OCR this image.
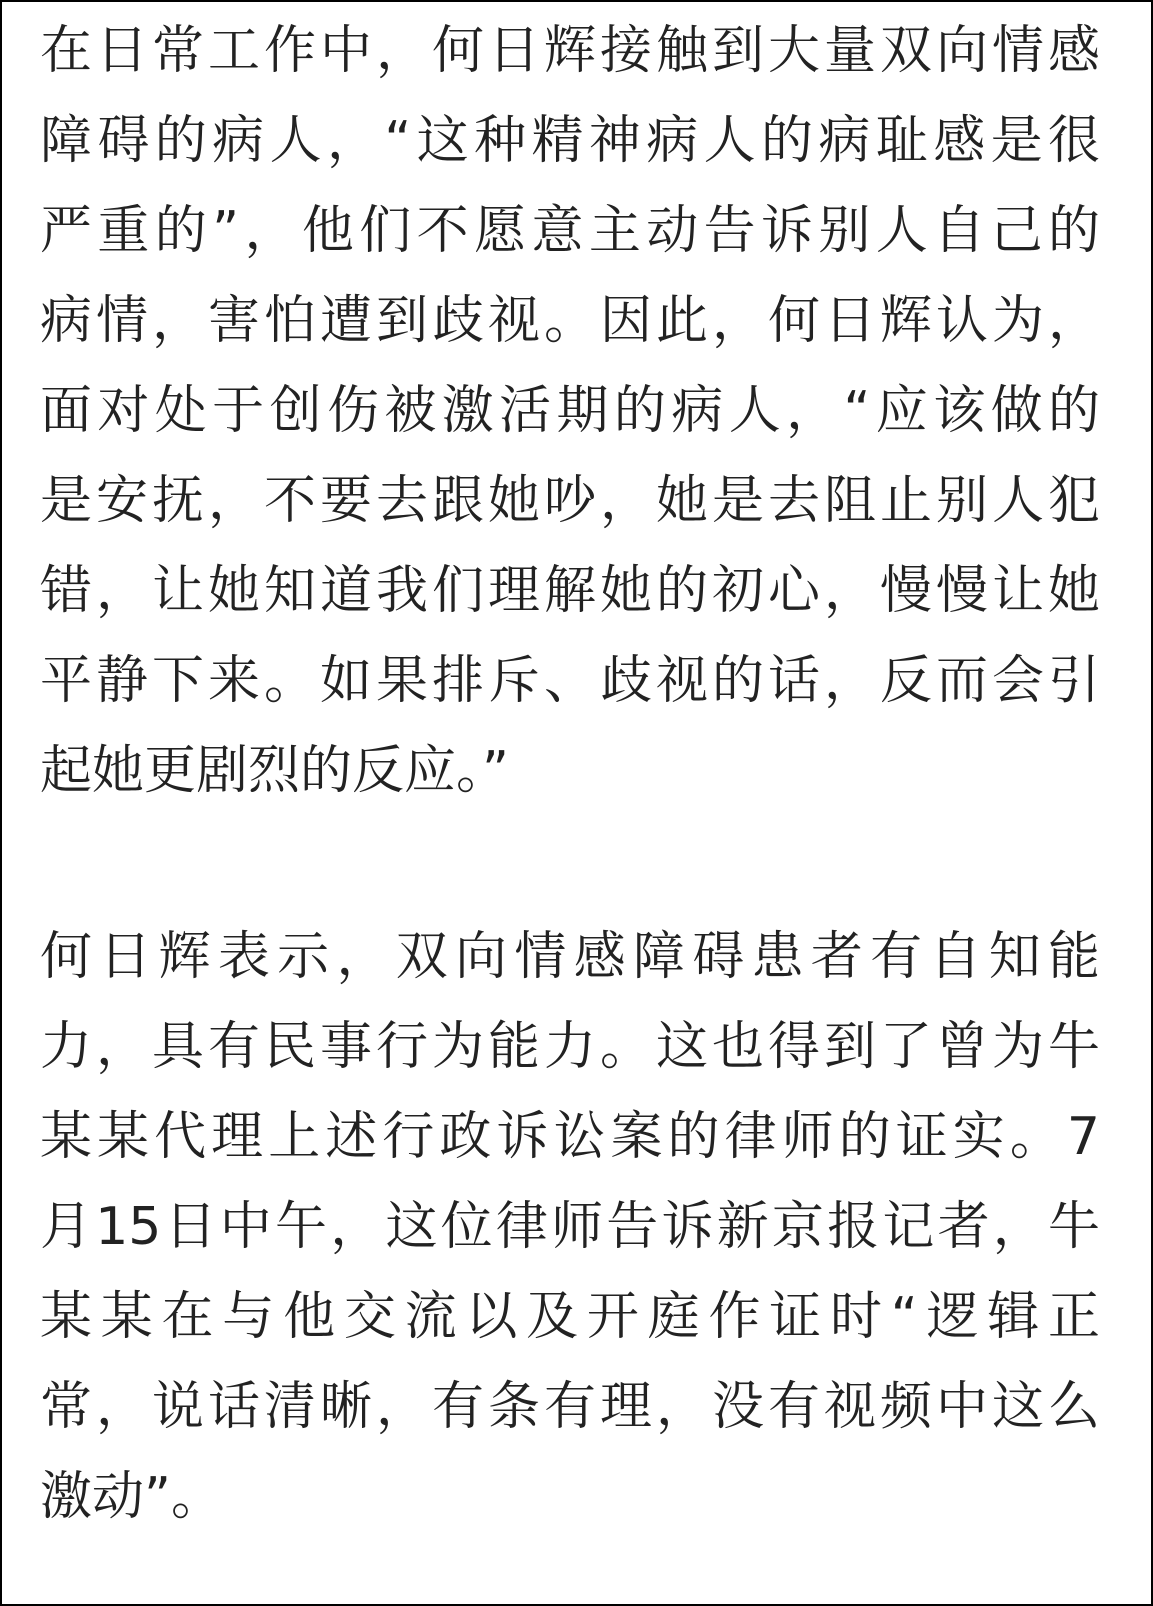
在日常工作中，何日辉接触到大量双向情感
障碍的病人，“这种精神病人的病耻感是很
严重的”，他们不愿意主动告诉别人自己的
病情，害怕遭到歧视。因此，何日辉认为，
面对处于创伤被激活期的病人，“应该做的
是安抚，不要去跟她吵，她是去阻止别人犯
错，让她知道我们理解她的初心，慢慢让她
平静下来。如果排斥、歧视的话，反而会引
起她更剧烈的反应。”

何日辉表示，双向情感障碍患者有自知能
力，具有民事行为能力。这也得到了曾为牛
某某代理上述行政诉讼案的律师的证实。7
月15日中午，这位律师告诉新京报记者，牛
某某在与他交流以及开庭作证时“逻辑正
常，说话清晰，有条有理，没有视频中这么
激动”。
